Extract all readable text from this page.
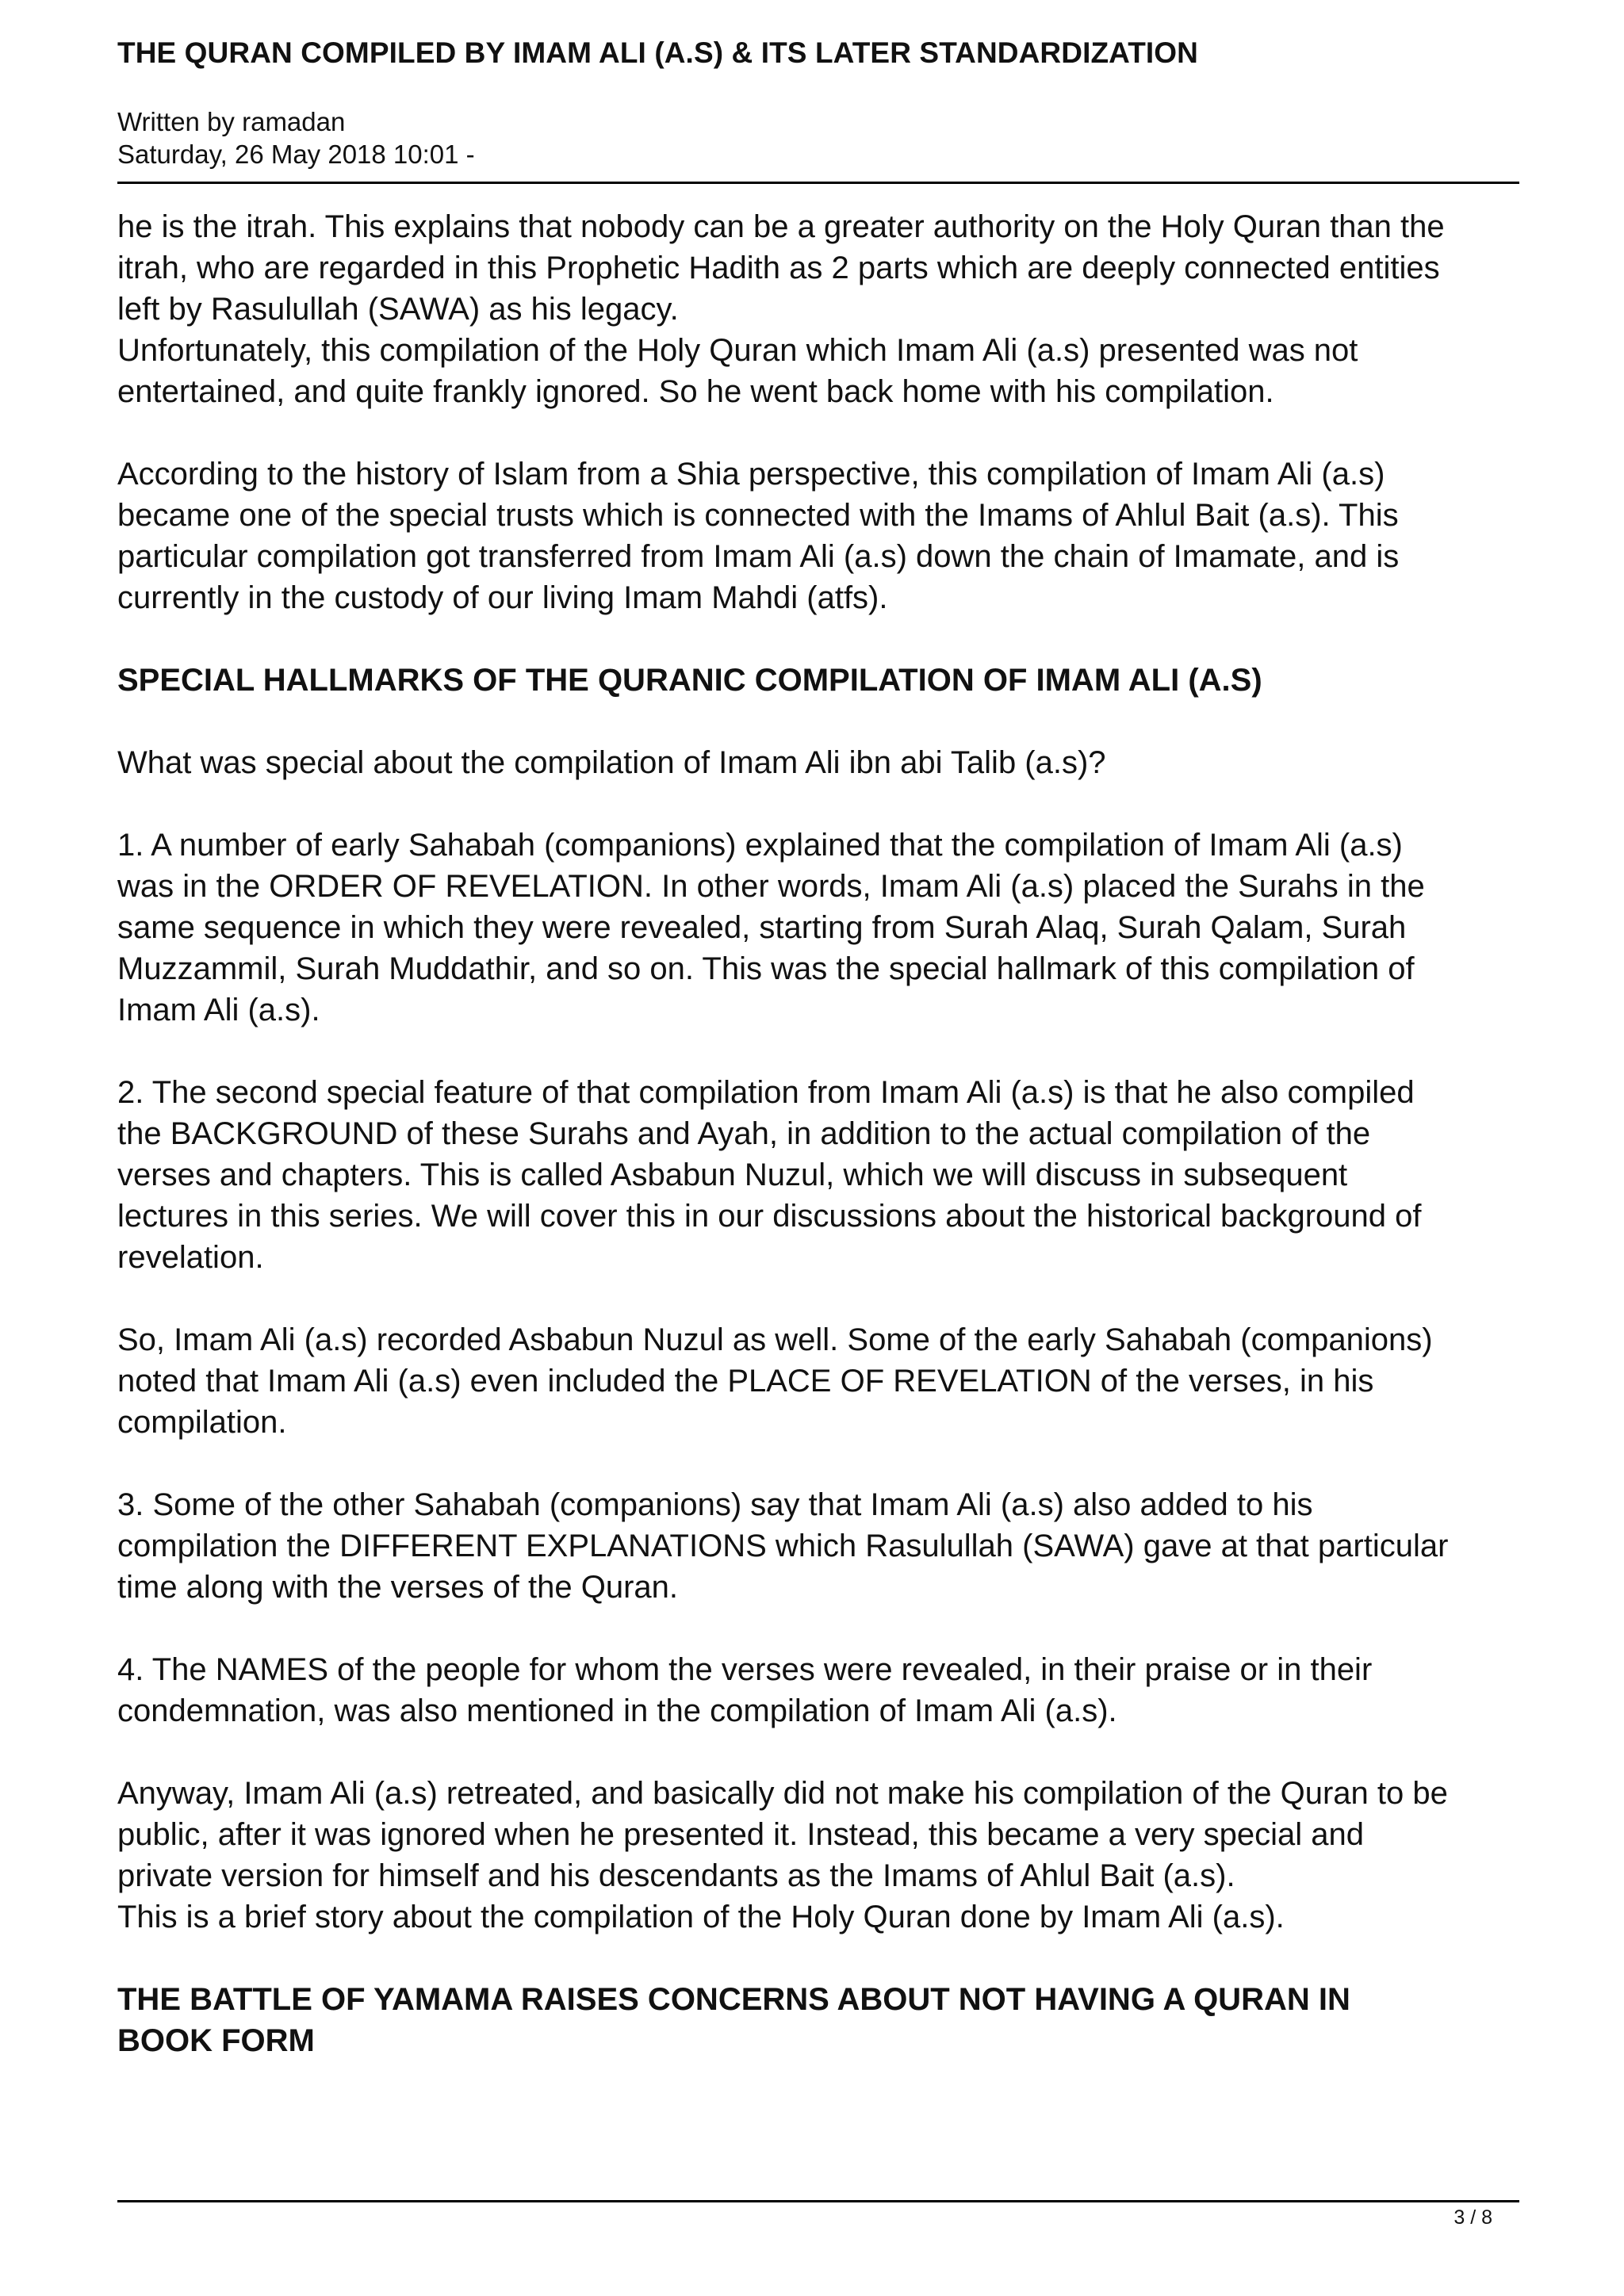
THE QURAN COMPILED BY IMAM ALI (A.S) & ITS LATER STANDARDIZATION
Written by ramadan
Saturday, 26 May 2018 10:01 -

he is the itrah. This explains that nobody can be a greater authority on the Holy Quran than the

itrah, who are regarded in this Prophetic Hadith as 2 parts which are deeply connected entities

left by Rasulullah (SAWA) as his legacy.

Unfortunately, this compilation of the Holy Quran which Imam Ali (a.s) presented was not

entertained, and quite frankly ignored. So he went back home with his compilation.

According to the history of Islam from a Shia perspective, this compilation of Imam Ali (a.s)

became one of the special trusts which is connected with the Imams of Ahlul Bait (a.s). This

particular compilation got transferred from Imam Ali (a.s) down the chain of Imamate, and is

currently in the custody of our living Imam Mahdi (atfs).

SPECIAL HALLMARKS OF THE QURANIC COMPILATION OF IMAM ALI (A.S)

What was special about the compilation of Imam Ali ibn abi Talib (a.s)?

1. A number of early Sahabah (companions) explained that the compilation of Imam Ali (a.s)

was in the ORDER OF REVELATION. In other words, Imam Ali (a.s) placed the Surahs in the

same sequence in which they were revealed, starting from Surah Alaq, Surah Qalam, Surah

Muzzammil, Surah Muddathir, and so on. This was the special hallmark of this compilation of

Imam Ali (a.s).

2. The second special feature of that compilation from Imam Ali (a.s) is that he also compiled

the BACKGROUND of these Surahs and Ayah, in addition to the actual compilation of the

verses and chapters. This is called Asbabun Nuzul, which we will discuss in subsequent

lectures in this series. We will cover this in our discussions about the historical background of

revelation.

So, Imam Ali (a.s) recorded Asbabun Nuzul as well. Some of the early Sahabah (companions)

noted that Imam Ali (a.s) even included the PLACE OF REVELATION of the verses, in his

compilation.

3. Some of the other Sahabah (companions) say that Imam Ali (a.s) also added to his

compilation the DIFFERENT EXPLANATIONS which Rasulullah (SAWA) gave at that particular

time along with the verses of the Quran.

4. The NAMES of the people for whom the verses were revealed, in their praise or in their

condemnation, was also mentioned in the compilation of Imam Ali (a.s).

Anyway, Imam Ali (a.s) retreated, and basically did not make his compilation of the Quran to be

public, after it was ignored when he presented it. Instead, this became a very special and

private version for himself and his descendants as the Imams of Ahlul Bait (a.s).

This is a brief story about the compilation of the Holy Quran done by Imam Ali (a.s).

THE BATTLE OF YAMAMA RAISES CONCERNS ABOUT NOT HAVING A QURAN IN
BOOK FORM
3 / 8
